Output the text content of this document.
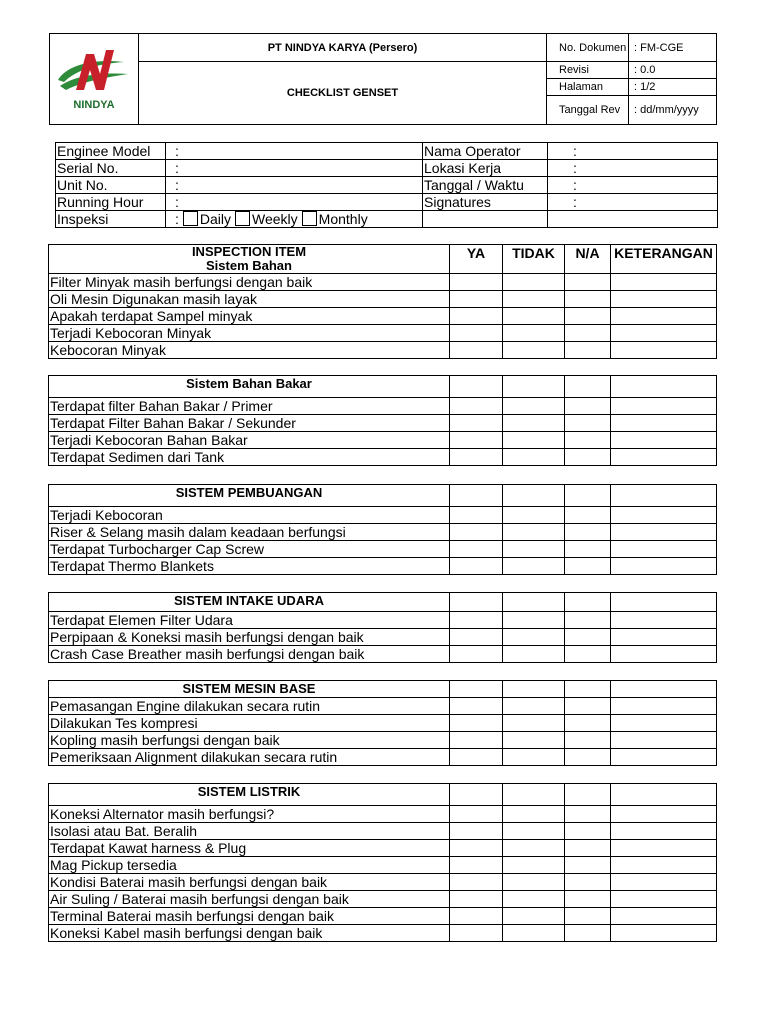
NINDYA	PT NINDYA KARYA (Persero)	No. Dokumen	: FM-CGE
	CHECKLIST GENSET	Revisi	: 0.0
		Halaman	: 1/2
		Tanggal Rev	: dd/mm/yyyy
Enginee Model	:	Nama Operator	:
Serial No.	:	Lokasi Kerja	:
Unit No.	:	Tanggal / Waktu	:
Running Hour	:	Signatures	:
Inspeksi	: Daily Weekly Monthly		
INSPECTION ITEM
Sistem Bahan	YA	TIDAK	N/A	KETERANGAN
Filter Minyak masih berfungsi dengan baik				
Oli Mesin Digunakan masih layak				
Apakah terdapat Sampel minyak				
Terjadi Kebocoran Minyak				
Kebocoran Minyak				
Sistem Bahan Bakar				
Terdapat filter Bahan Bakar / Primer				
Terdapat Filter Bahan Bakar / Sekunder				
Terjadi Kebocoran Bahan Bakar				
Terdapat Sedimen dari Tank				
SISTEM PEMBUANGAN				
Terjadi Kebocoran				
Riser & Selang masih dalam keadaan berfungsi				
Terdapat Turbocharger Cap Screw				
Terdapat Thermo Blankets				
SISTEM INTAKE UDARA				
Terdapat Elemen Filter Udara				
Perpipaan & Koneksi masih berfungsi dengan baik				
Crash Case Breather masih berfungsi dengan baik				
SISTEM MESIN BASE				
Pemasangan Engine dilakukan secara rutin				
Dilakukan Tes kompresi				
Kopling masih berfungsi dengan baik				
Pemeriksaan Alignment dilakukan secara rutin				
SISTEM LISTRIK				
Koneksi Alternator masih berfungsi?				
Isolasi atau Bat. Beralih				
Terdapat Kawat harness & Plug				
Mag Pickup tersedia				
Kondisi Baterai masih berfungsi dengan baik				
Air Suling / Baterai masih berfungsi dengan baik				
Terminal Baterai masih berfungsi dengan baik				
Koneksi Kabel masih berfungsi dengan baik				
